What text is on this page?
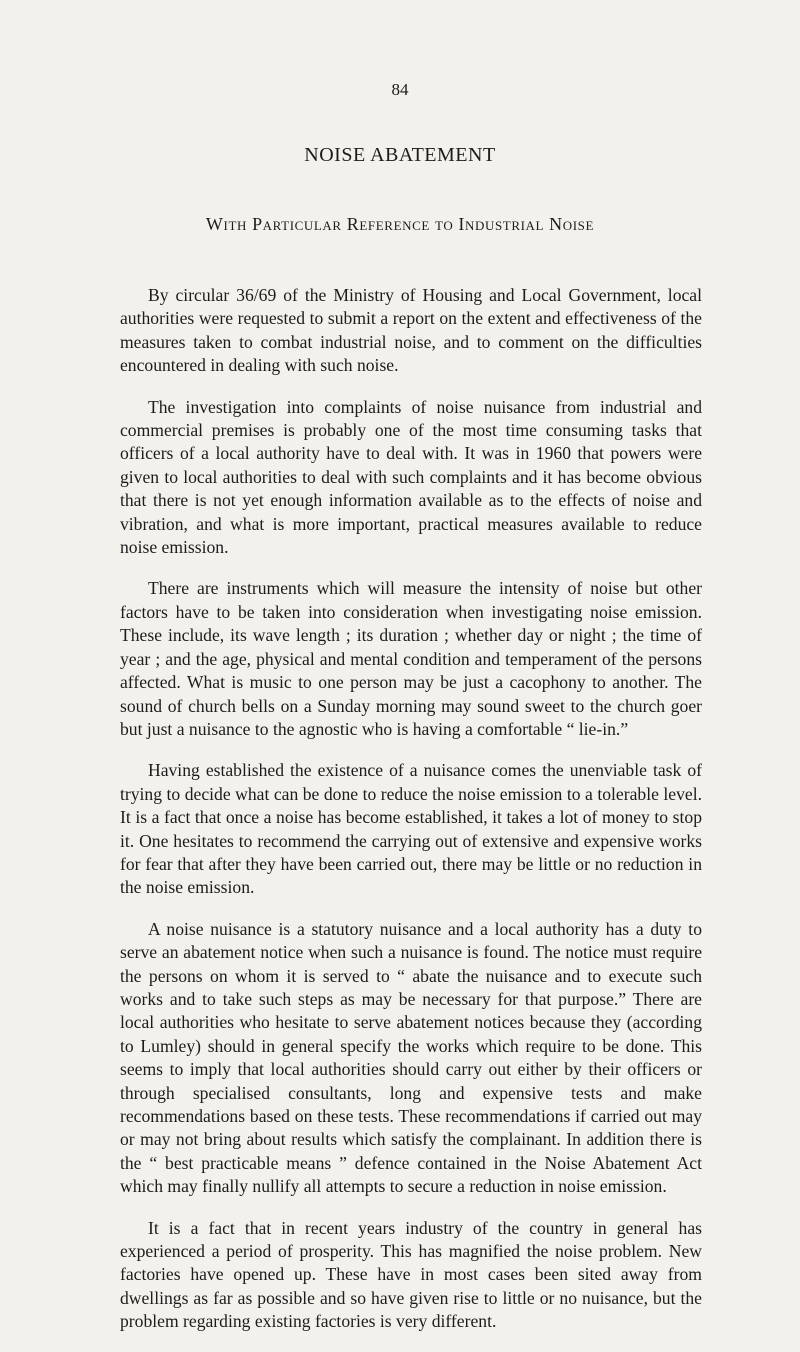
84
NOISE ABATEMENT
With Particular Reference to Industrial Noise

By circular 36/69 of the Ministry of Housing and Local Government, local authorities were requested to submit a report on the extent and effectiveness of the measures taken to combat industrial noise, and to comment on the difficulties encountered in dealing with such noise.

The investigation into complaints of noise nuisance from industrial and commercial premises is probably one of the most time consuming tasks that officers of a local authority have to deal with. It was in 1960 that powers were given to local authorities to deal with such complaints and it has become obvious that there is not yet enough information available as to the effects of noise and vibration, and what is more important, practical measures available to reduce noise emission.

There are instruments which will measure the intensity of noise but other factors have to be taken into consideration when investigating noise emission. These include, its wave length ; its duration ; whether day or night ; the time of year ; and the age, physical and mental condition and temperament of the persons affected. What is music to one person may be just a cacophony to another. The sound of church bells on a Sunday morning may sound sweet to the church goer but just a nuisance to the agnostic who is having a comfortable “ lie-in.”

Having established the existence of a nuisance comes the unenviable task of trying to decide what can be done to reduce the noise emission to a tolerable level. It is a fact that once a noise has become established, it takes a lot of money to stop it. One hesitates to recommend the carrying out of extensive and expensive works for fear that after they have been carried out, there may be little or no reduction in the noise emission.

A noise nuisance is a statutory nuisance and a local authority has a duty to serve an abatement notice when such a nuisance is found. The notice must require the persons on whom it is served to “ abate the nuisance and to execute such works and to take such steps as may be necessary for that purpose.” There are local authorities who hesitate to serve abatement notices because they (according to Lumley) should in general specify the works which require to be done. This seems to imply that local authorities should carry out either by their officers or through specialised consultants, long and expensive tests and make recommendations based on these tests. These recommendations if carried out may or may not bring about results which satisfy the complainant. In addition there is the “ best practicable means ” defence contained in the Noise Abatement Act which may finally nullify all attempts to secure a reduction in noise emission.

It is a fact that in recent years industry of the country in general has experienced a period of prosperity. This has magnified the noise problem. New factories have opened up. These have in most cases been sited away from dwellings as far as possible and so have given rise to little or no nuisance, but the problem regarding existing factories is very different.
